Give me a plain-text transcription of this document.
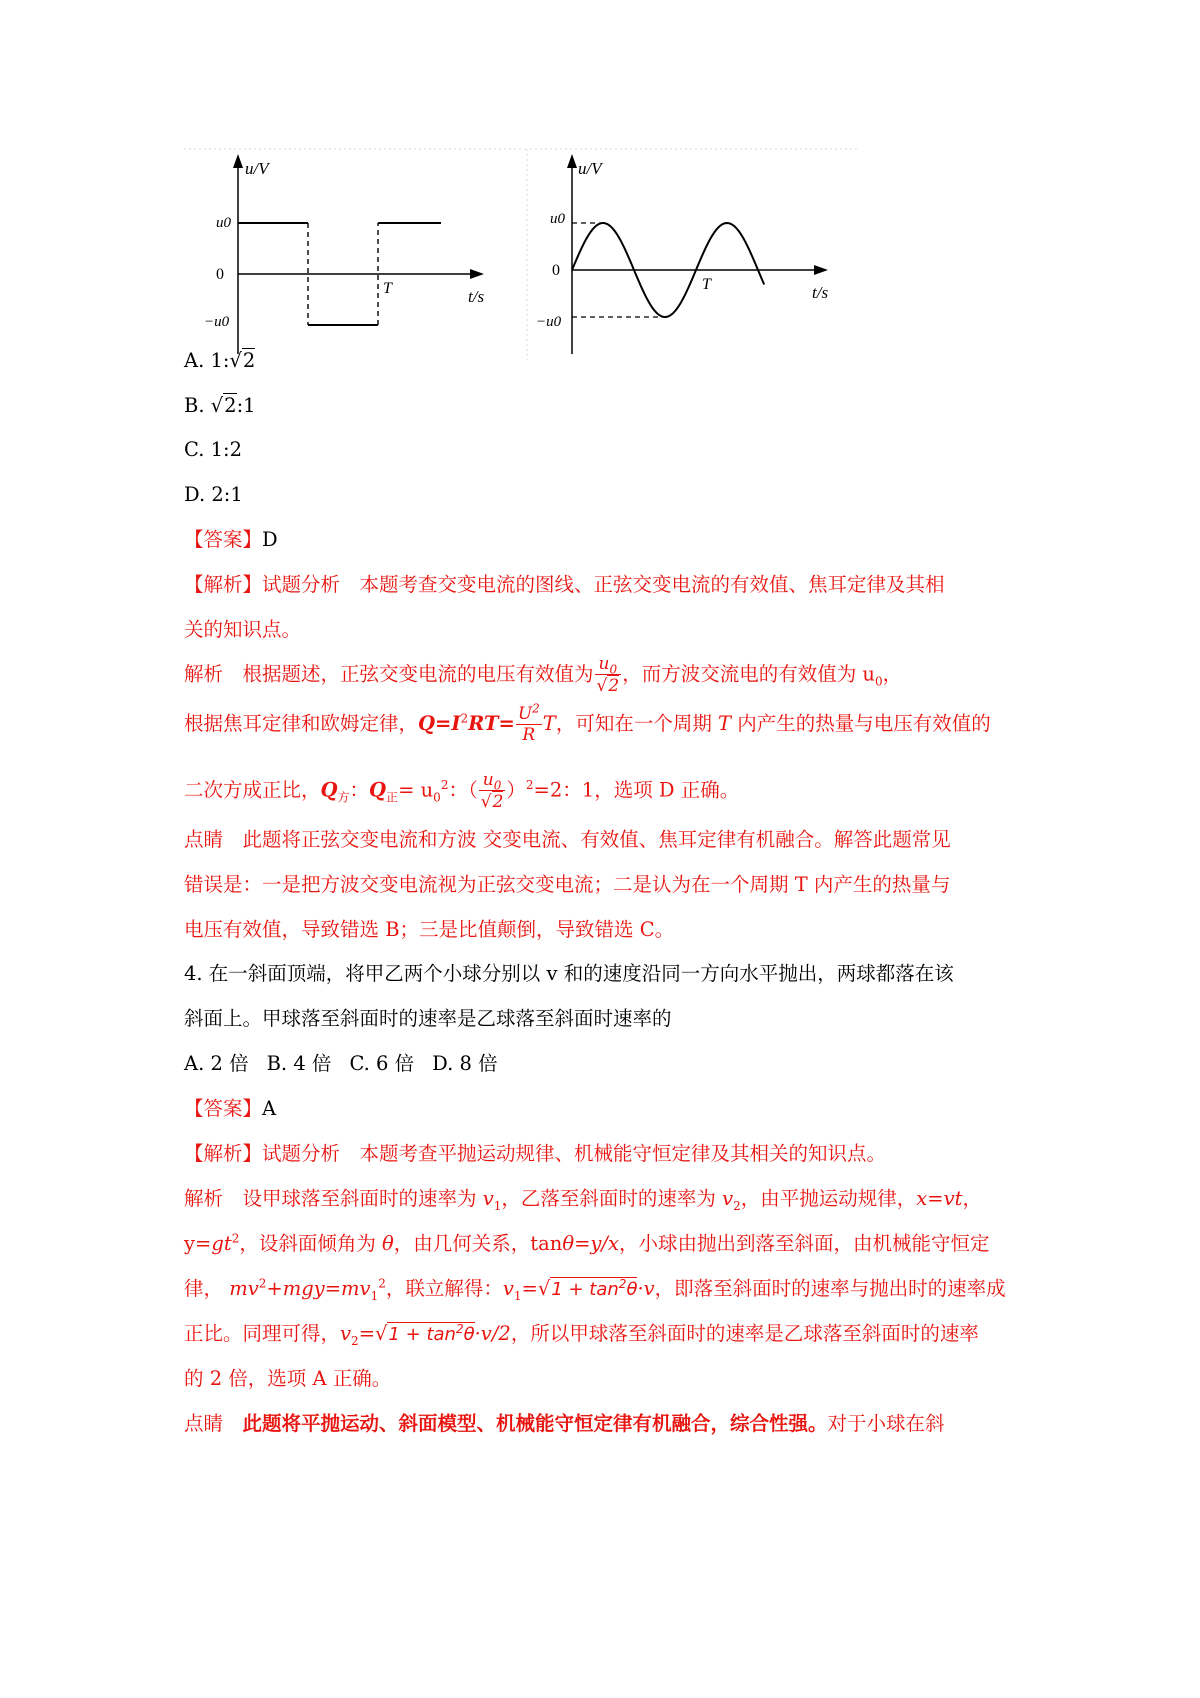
u/V
t/s
0
u0
−u0
T
u/V
t/s
0
u0
−u0
T
A. 1:√2
B. √2:1
C. 1:2
D. 2:1
【答案】D
【解析】试题分析　本题考查交变电流的图线、正弦交变电流的有效值、焦耳定律及其相
关的知识点。
解析　根据题述，正弦交变电流的电压有效值为 $\frac{u_0}{√2}$ ，而方波交流电的有效值为 $u_0$，
根据焦耳定律和欧姆定律，$Q=I^2RT= \frac{U^2}{R}$ T，可知在一个周期 T 内产生的热量与电压有效值的
二次方成正比，$Q_方$：$Q_正= u_0^2$：（ $\frac{u_0}{√2} )^2=2$：1，选项 D 正确。
点睛　此题将正弦交变电流和方波 交变电流、有效值、焦耳定律有机融合。解答此题常见
错误是：一是把方波交变电流视为正弦交变电流；二是认为在一个周期 T 内产生的热量与
电压有效值，导致错选 B；三是比值颠倒，导致错选 C。
4. 在一斜面顶端，将甲乙两个小球分别以 v 和的速度沿同一方向水平抛出，两球都落在该
斜面上。甲球落至斜面时的速率是乙球落至斜面时速率的
A. 2 倍 B. 4 倍 C. 6 倍 D. 8 倍
【答案】A
【解析】试题分析　本题考查平抛运动规律、机械能守恒定律及其相关的知识点。
解析　设甲球落至斜面时的速率为 $v_1$，乙落至斜面时的速率为 $v_2$，由平抛运动规律，x=vt，
$y=gt^2$，设斜面倾角为 θ，由几何关系，tanθ=y/x，小球由抛出到落至斜面，由机械能守恒定
律， $mv^2+mgy=mv_1^2$，联立解得：$v_1=√1 + \tan^2\theta\cdot v$，即落至斜面时的速率与抛出时的速率成
正比。同理可得，$v_2=√1 + \tan^2\theta\cdot v/2$，所以甲球落至斜面时的速率是乙球落至斜面时的速率
的 2 倍，选项 A 正确。
点睛　此题将平抛运动、斜面模型、机械能守恒定律有机融合，综合性强。对于小球在斜
